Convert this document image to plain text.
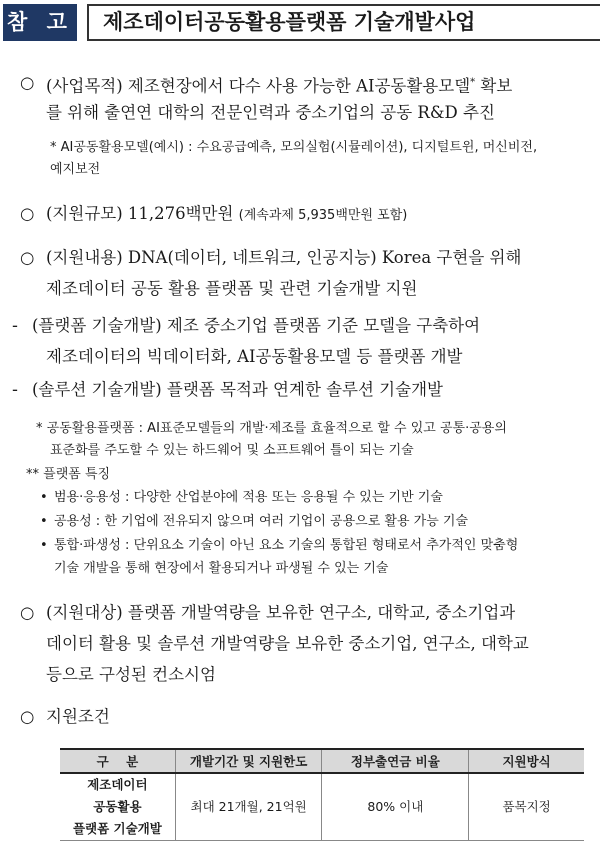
참 고	제조데이터공동활용플랫폼 기술개발사업
○ (사업목적) 제조현장에서 다수 사용 가능한 AI공동활용모델* 확보
를 위해 출연연 대학의 전문인력과 중소기업의 공동 R&D 추진
* AI공동활용모델(예시) : 수요공급예측, 모의실험(시뮬레이션), 디지털트윈, 머신비전,
예지보전
○ (지원규모) 11,276백만원 (계속과제 5,935백만원 포함)
○ (지원내용) DNA(데이터, 네트워크, 인공지능) Korea 구현을 위해
제조데이터 공동 활용 플랫폼 및 관련 기술개발 지원
- (플랫폼 기술개발) 제조 중소기업 플랫폼 기준 모델을 구축하여
제조데이터의 빅데이터화, AI공동활용모델 등 플랫폼 개발
- (솔루션 기술개발) 플랫폼 목적과 연계한 솔루션 기술개발
* 공동활용플랫폼 : AI표준모델들의 개발·제조를 효율적으로 할 수 있고 공통·공용의
표준화를 주도할 수 있는 하드웨어 및 소프트웨어 틀이 되는 기술
** 플랫폼 특징
• 범용·응용성 : 다양한 산업분야에 적용 또는 응용될 수 있는 기반 기술
• 공용성 : 한 기업에 전유되지 않으며 여러 기업이 공용으로 활용 가능 기술
• 통합·파생성 : 단위요소 기술이 아닌 요소 기술의 통합된 형태로서 추가적인 맞춤형
기술 개발을 통해 현장에서 활용되거나 파생될 수 있는 기술
○ (지원대상) 플랫폼 개발역량을 보유한 연구소, 대학교, 중소기업과
데이터 활용 및 솔루션 개발역량을 보유한 중소기업, 연구소, 대학교
등으로 구성된 컨소시엄
○ 지원조건
구    분	개발기간 및 지원한도	정부출연금 비율	지원방식

제조데이터
공동활용
플랫폼 기술개발	최대 21개월, 21억원	80% 이내	품목지정
